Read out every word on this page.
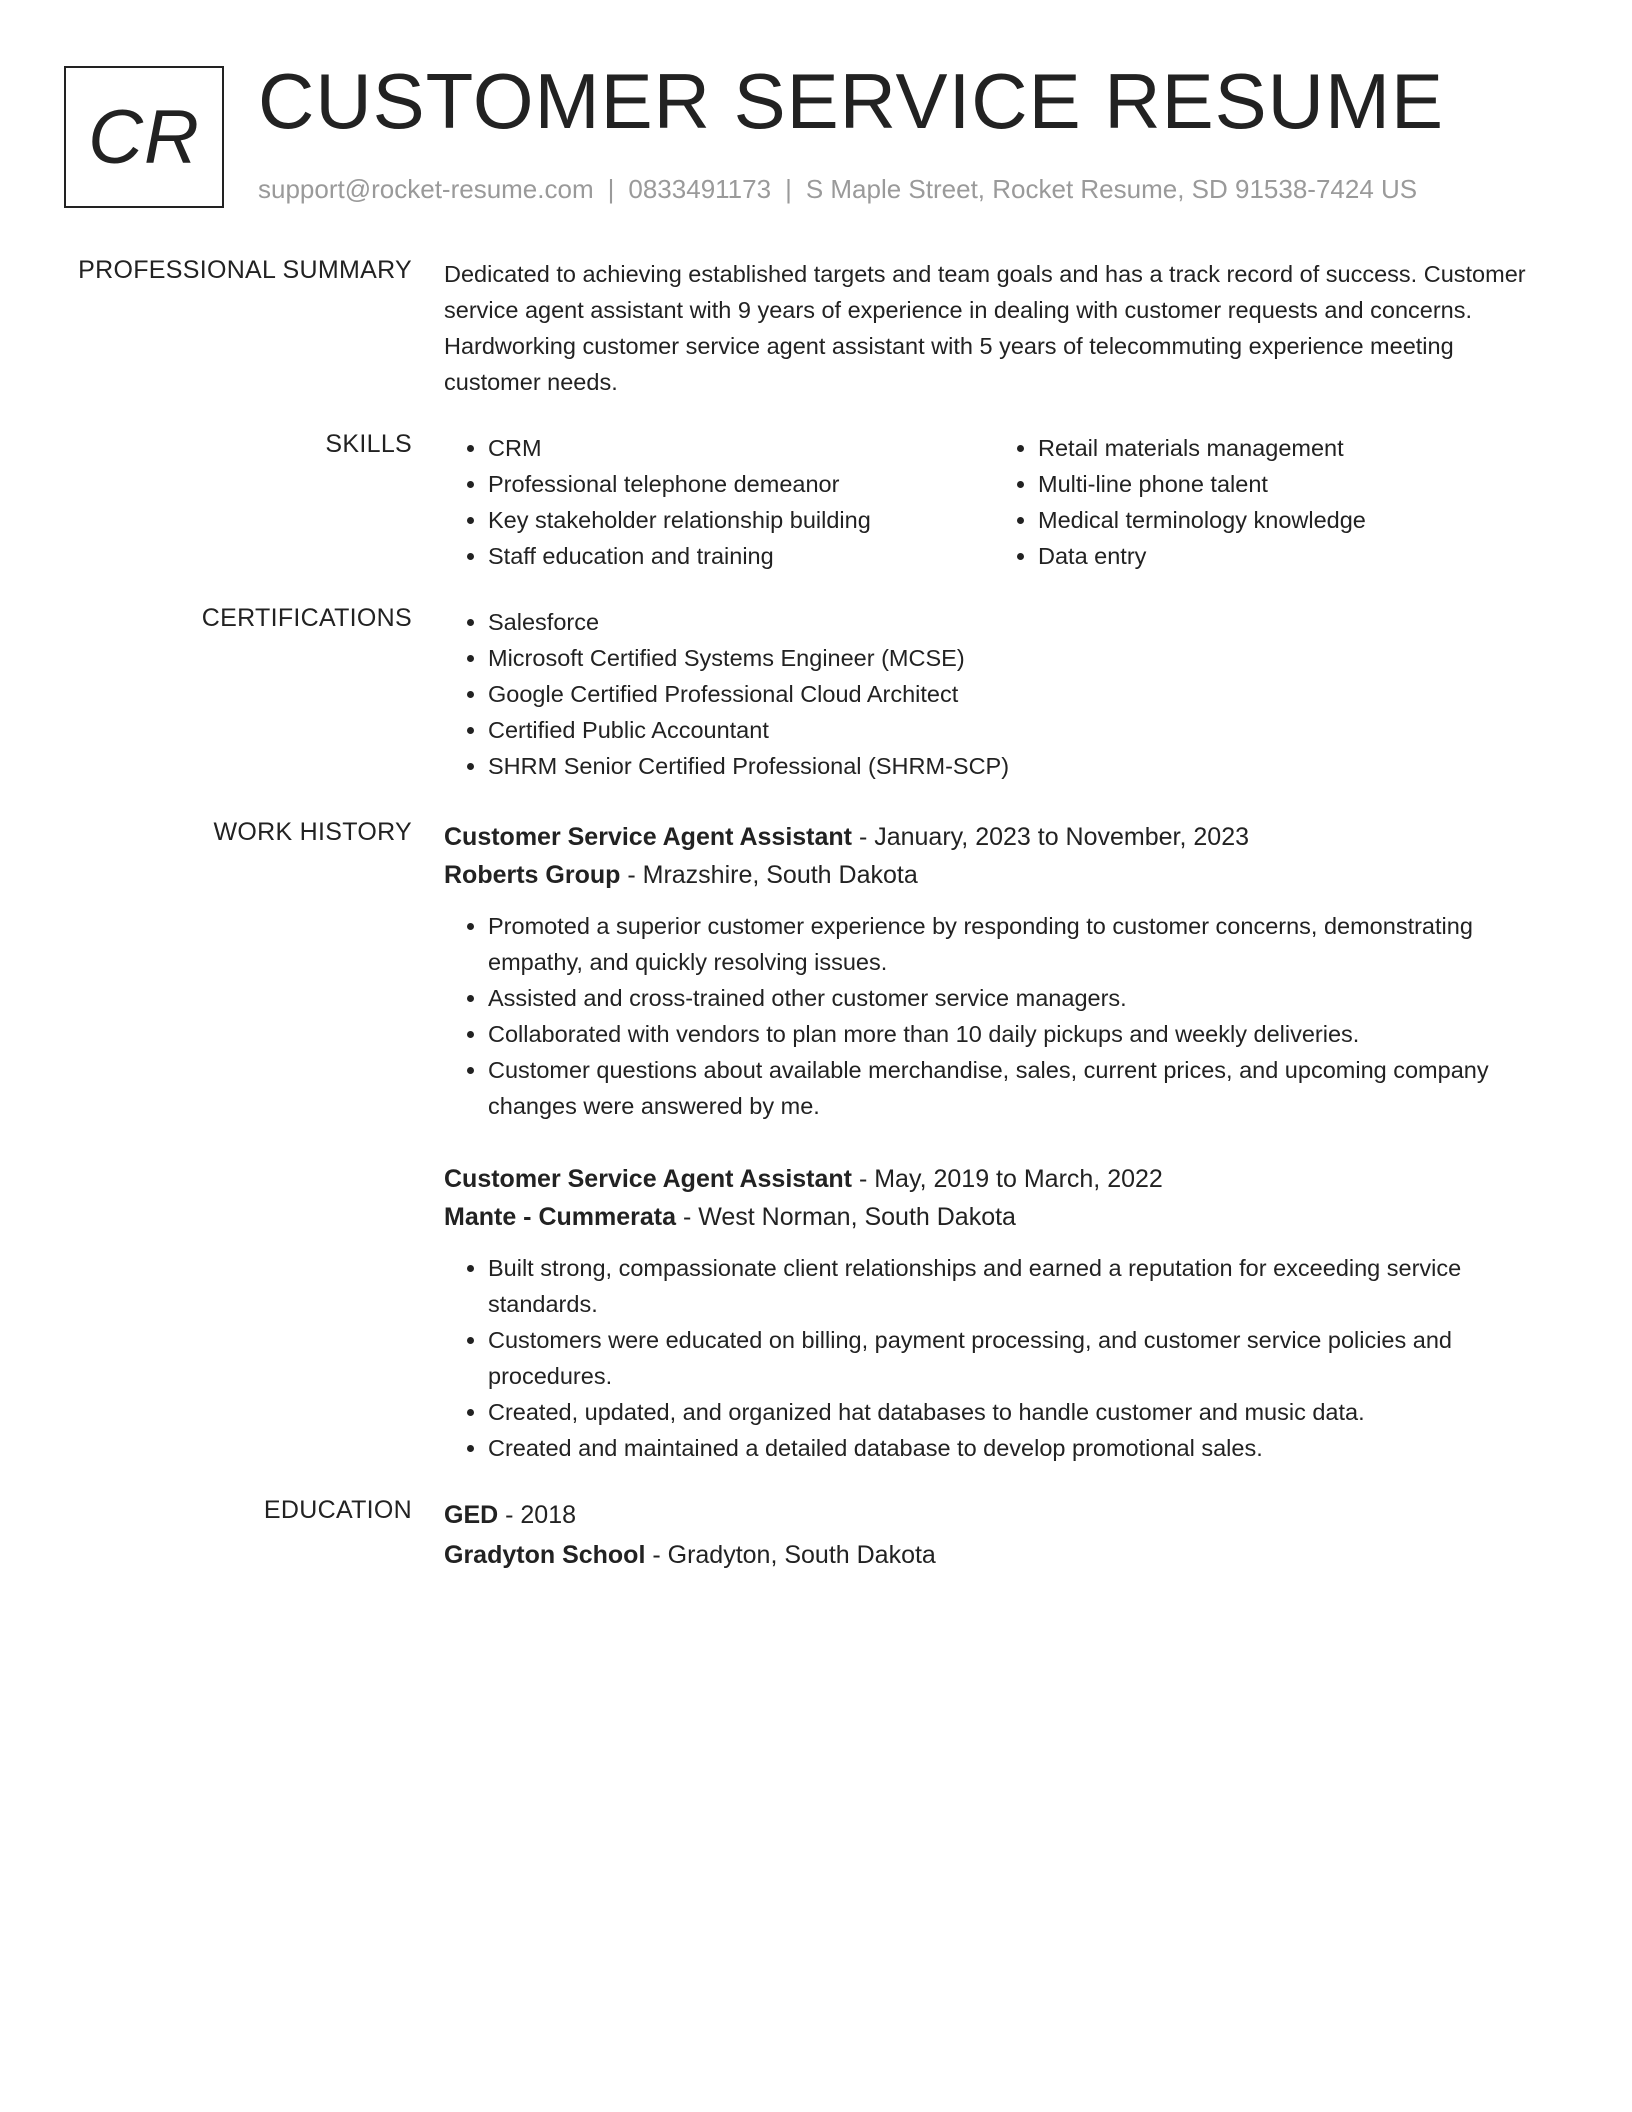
CR CUSTOMER SERVICE RESUME
support@rocket-resume.com | 0833491173 | S Maple Street, Rocket Resume, SD 91538-7424 US
PROFESSIONAL SUMMARY Dedicated to achieving established targets and team goals and has a track record of success. Customer service agent assistant with 9 years of experience in dealing with customer requests and concerns. Hardworking customer service agent assistant with 5 years of telecommuting experience meeting customer needs.
SKILLS	• CRM
• Professional telephone demeanor
• Key stakeholder relationship building
• Staff education and training
• Retail materials management
• Multi-line phone talent
• Medical terminology knowledge
• Data entry
CERTIFICATIONS	• Salesforce
• Microsoft Certified Systems Engineer (MCSE)
• Google Certified Professional Cloud Architect
• Certified Public Accountant
• SHRM Senior Certified Professional (SHRM-SCP)
WORK HISTORY Customer Service Agent Assistant - January, 2023 to November, 2023
Roberts Group - Mrazshire, South Dakota
• Promoted a superior customer experience by responding to customer concerns, demonstrating empathy, and quickly resolving issues.
• Assisted and cross-trained other customer service managers.
• Collaborated with vendors to plan more than 10 daily pickups and weekly deliveries.
• Customer questions about available merchandise, sales, current prices, and upcoming company changes were answered by me.
Customer Service Agent Assistant - May, 2019 to March, 2022
Mante - Cummerata - West Norman, South Dakota
• Built strong, compassionate client relationships and earned a reputation for exceeding service standards.
• Customers were educated on billing, payment processing, and customer service policies and procedures.
• Created, updated, and organized hat databases to handle customer and music data.
• Created and maintained a detailed database to develop promotional sales.
EDUCATION GED - 2018
Gradyton School - Gradyton, South Dakota
